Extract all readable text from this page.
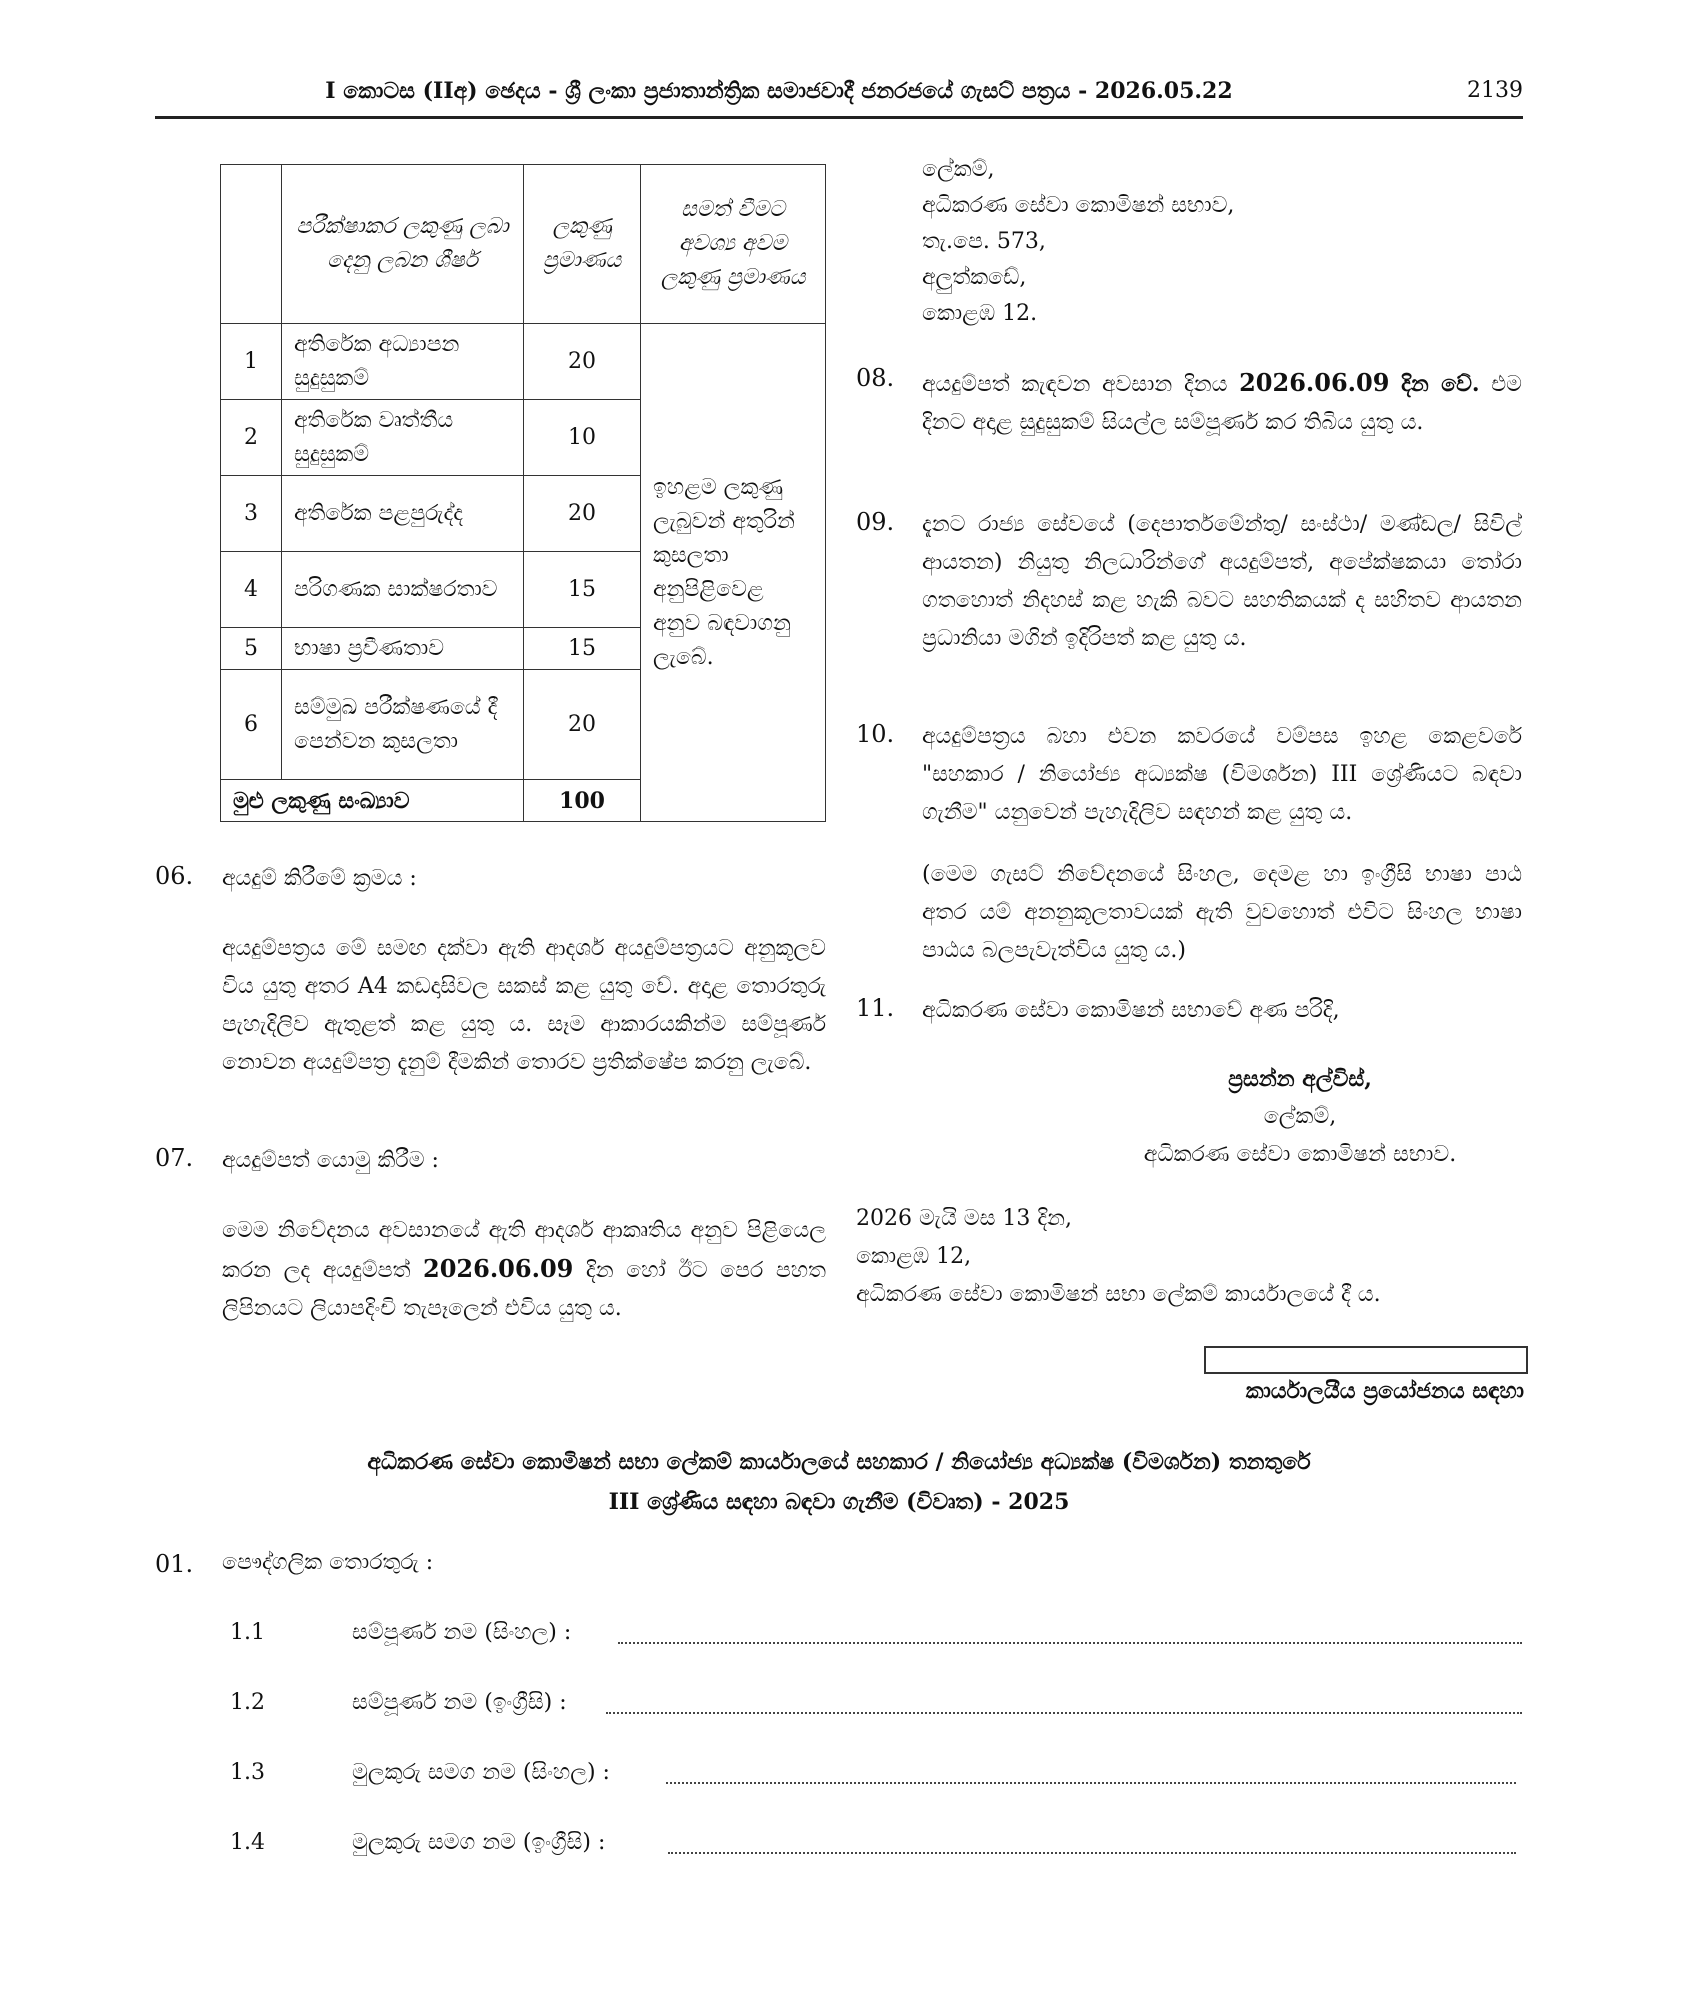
I කොටස (IIඅ) ඡෙදය - ශ්‍රී ලංකා ප්‍රජාතාන්ත්‍රික සමාජවාදී ජනරජයේ ගැසට් පත්‍රය - 2026.05.22	2139
	පරීක්ෂාකර ලකුණු ලබා දෙනු ලබන ශීර්ෂ	ලකුණු ප්‍රමාණය	සමත් වීමට අවශ්‍ය අවම ලකුණු ප්‍රමාණය
1	අතිරේක අධ්‍යාපන සුදුසුකම්	20	ඉහළම ලකුණු ලැබුවන් අතුරින් කුසලතා අනුපිළිවෙළ අනුව බඳවාගනු ලැබේ.
2	අතිරේක වෘත්තීය සුදුසුකම්	10	
3	අතිරේක පළපුරුද්ද	20	
4	පරිගණක සාක්ෂරතාව	15	
5	භාෂා ප්‍රවීණතාව	15	
6	සම්මුඛ පරීක්ෂණයේ දී පෙන්වන කුසලතා	20	
මුළු ලකුණු සංඛ්‍යාව		100	
06. අයදුම් කිරීමේ ක්‍රමය :
අයදුම්පත්‍රය මේ සමඟ දක්වා ඇති ආදර්ශ අයදුම්පත්‍රයට අනුකූලව විය යුතු අතර A4 කඩදාසිවල සකස් කළ යුතු වේ. අදාළ තොරතුරු පැහැදිලිව ඇතුළත් කළ යුතු ය. සෑම ආකාරයකින්ම සම්පූර්ණ නොවන අයදුම්පත්‍ර දැනුම් දීමකින් තොරව ප්‍රතික්ෂේප කරනු ලැබේ.
07. අයදුම්පත් යොමු කිරීම :
මෙම නිවේදනය අවසානයේ ඇති ආදර්ශ ආකෘතිය අනුව පිළියෙල කරන ලද අයදුම්පත් 2026.06.09 දින හෝ ඊට පෙර පහත ලිපිනයට ලියාපදිංචි තැපෑලෙන් එවිය යුතු ය.
ලේකම්,
අධිකරණ සේවා කොමිෂන් සභාව,
තැ.පෙ. 573,
අලුත්කඩේ,
කොළඹ 12.
08. අයදුම්පත් කැඳවන අවසාන දිනය 2026.06.09 දින වේ. එම දිනට අදාළ සුදුසුකම් සියල්ල සම්පූර්ණ කර තිබිය යුතු ය.
09. දැනට රාජ්‍ය සේවයේ (දෙපාර්තමේන්තු/ සංස්ථා/ මණ්ඩල/ සිවිල් ආයතන) නියුතු නිලධාරින්ගේ අයදුම්පත්, අපේක්ෂකයා තෝරා ගතහොත් නිදහස් කළ හැකි බවට සහතිකයක් ද සහිතව ආයතන ප්‍රධානියා මගින් ඉදිරිපත් කළ යුතු ය.
10. අයදුම්පත්‍රය බහා එවන කවරයේ වම්පස ඉහළ කෙළවරේ "සහකාර / නියෝජ්‍ය අධ්‍යක්ෂ (විමර්ශන) III ශ්‍රේණියට බඳවා ගැනීම" යනුවෙන් පැහැදිලිව සඳහන් කළ යුතු ය.
(මෙම ගැසට් නිවේදනයේ සිංහල, දෙමළ හා ඉංග්‍රීසි භාෂා පාඨ අතර යම් අනනුකූලතාවයක් ඇති වුවහොත් එවිට සිංහල භාෂා පාඨය බලපැවැත්විය යුතු ය.)
11. අධිකරණ සේවා කොමිෂන් සභාවේ අණ පරිදි,
ප්‍රසන්න අල්විස්,
ලේකම්,
අධිකරණ සේවා කොමිෂන් සභාව.
2026 මැයි මස 13 දින,
කොළඹ 12,
අධිකරණ සේවා කොමිෂන් සභා ලේකම් කාර්යාලයේ දී ය.
කාර්යාලයීය ප්‍රයෝජනය සඳහා
අධිකරණ සේවා කොමිෂන් සභා ලේකම් කාර්යාලයේ සහකාර / නියෝජ්‍ය අධ්‍යක්ෂ (විමර්ශන) තනතුරේ
III ශ්‍රේණිය සඳහා බඳවා ගැනීම (විවෘත) - 2025
01. පෞද්ගලික තොරතුරු :
1.1	සම්පූර්ණ නම (සිංහල) :
1.2	සම්පූර්ණ නම (ඉංග්‍රීසි) :
1.3	මුලකුරු සමග නම (සිංහල) :
1.4	මුලකුරු සමග නම (ඉංග්‍රීසි) :
